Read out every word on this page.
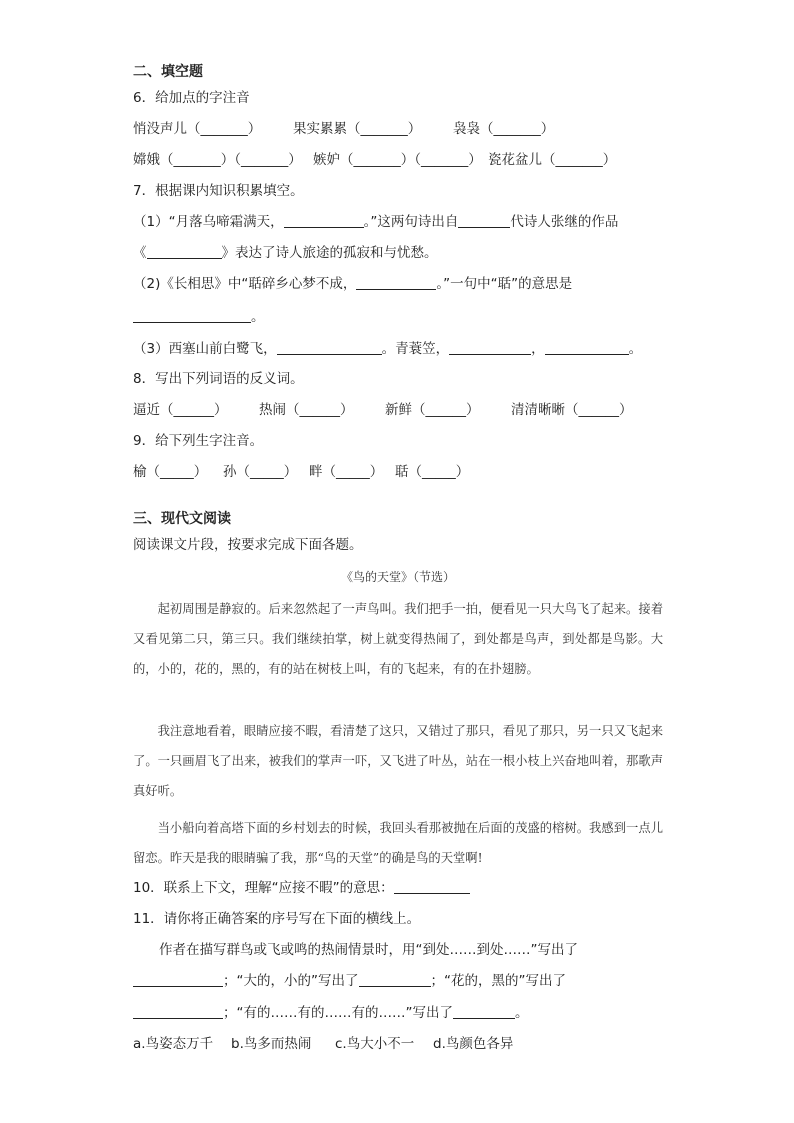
二、填空题
6．给加点的字注音
悄没声儿（_______） 果实累累（_______） 袅袅（_______）
嫦娥（_______）（_______） 嫉妒（_______）（_______） 瓷花盆儿（_______）
7．根据课内知识积累填空。
（1）“月落乌啼霜满天，	。”这两句诗出自	代诗人张继的作品
《	》表达了诗人旅途的孤寂和与忧愁。
（2)《长相思》中“聒碎乡心梦不成，	。”一句中“聒”的意思是
。
（3）西塞山前白鹭飞，	。青蓑笠，	，	。
8．写出下列词语的反义词。
逼近（______） 热闹（______） 新鲜（______） 清清晰晰（______）
9．给下列生字注音。
榆（_____） 孙（_____） 畔（_____） 聒（_____）
三、现代文阅读
阅读课文片段，按要求完成下面各题。
《鸟的天堂》（节选）

起初周围是静寂的。后来忽然起了一声鸟叫。我们把手一拍，便看见一只大鸟飞了起来。接着又看见第二只，第三只。我们继续拍掌，树上就变得热闹了，到处都是鸟声，到处都是鸟影。大的，小的，花的，黑的，有的站在树枝上叫，有的飞起来，有的在扑翅膀。

我注意地看着，眼睛应接不暇，看清楚了这只，又错过了那只，看见了那只，另一只又飞起来了。一只画眉飞了出来，被我们的掌声一吓，又飞进了叶丛，站在一根小枝上兴奋地叫着，那歌声真好听。

当小船向着高塔下面的乡村划去的时候，我回头看那被抛在后面的茂盛的榕树。我感到一点儿留恋。昨天是我的眼睛骗了我，那“鸟的天堂”的确是鸟的天堂啊!

10．联系上下文，理解“应接不暇”的意思：
11．请你将正确答案的序号写在下面的横线上。
作者在描写群鸟或飞或鸣的热闹情景时，用“到处……到处……”写出了
；“大的，小的”写出了	；“花的，黑的”写出了
；“有的……有的……有的……”写出了	。
a.鸟姿态万千 b.鸟多而热闹 c.鸟大小不一 d.鸟颜色各异
